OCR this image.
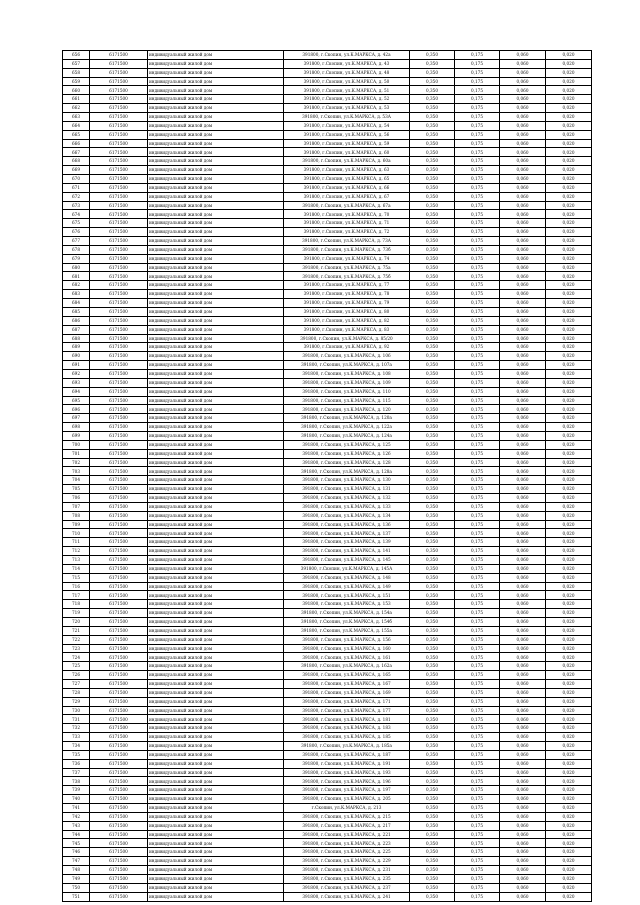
656	6171500	индивидуальный жилой дом	391800, г.Скопин, ул.К.МАРКСА, д. 42а	0,350	0,175	0,060	0,020
657	6171500	индивидуальный жилой дом	391800, г.Скопин, ул.К.МАРКСА, д. 43	0,350	0,175	0,060	0,020
658	6171500	индивидуальный жилой дом	391800, г.Скопин, ул.К.МАРКСА, д. 48	0,350	0,175	0,060	0,020
659	6171500	индивидуальный жилой дом	391800, г.Скопин, ул.К.МАРКСА, д. 50	0,350	0,175	0,060	0,020
660	6171500	индивидуальный жилой дом	391800, г.Скопин, ул.К.МАРКСА, д. 51	0,350	0,175	0,060	0,020
661	6171500	индивидуальный жилой дом	391800, г.Скопин, ул.К.МАРКСА, д. 52	0,350	0,175	0,060	0,020
662	6171500	индивидуальный жилой дом	391800, г.Скопин, ул.К.МАРКСА, д. 53	0,350	0,175	0,060	0,020
663	6171500	индивидуальный жилой дом	391800, г.Скопин, ул.К.МАРКСА, д. 53А	0,350	0,175	0,060	0,020
664	6171500	индивидуальный жилой дом	391800, г.Скопин, ул.К.МАРКСА, д. 54	0,350	0,175	0,060	0,020
665	6171500	индивидуальный жилой дом	391800, г.Скопин, ул.К.МАРКСА, д. 56	0,350	0,175	0,060	0,020
666	6171500	индивидуальный жилой дом	391800, г.Скопин, ул.К.МАРКСА, д. 59	0,350	0,175	0,060	0,020
667	6171500	индивидуальный жилой дом	391800, г.Скопин, ул.К.МАРКСА, д. 60	0,350	0,175	0,060	0,020
668	6171500	индивидуальный жилой дом	391800, г.Скопин, ул.К.МАРКСА, д. 60а	0,350	0,175	0,060	0,020
669	6171500	индивидуальный жилой дом	391800, г.Скопин, ул.К.МАРКСА, д. 63	0,350	0,175	0,060	0,020
670	6171500	индивидуальный жилой дом	391800, г.Скопин, ул.К.МАРКСА, д. 65	0,350	0,175	0,060	0,020
671	6171500	индивидуальный жилой дом	391800, г.Скопин, ул.К.МАРКСА, д. 66	0,350	0,175	0,060	0,020
672	6171500	индивидуальный жилой дом	391800, г.Скопин, ул.К.МАРКСА, д. 67	0,350	0,175	0,060	0,020
673	6171500	индивидуальный жилой дом	391800, г.Скопин, ул.К.МАРКСА, д. 67а	0,350	0,175	0,060	0,020
674	6171500	индивидуальный жилой дом	391800, г.Скопин, ул.К.МАРКСА, д. 70	0,350	0,175	0,060	0,020
675	6171500	индивидуальный жилой дом	391800, г.Скопин, ул.К.МАРКСА, д. 71	0,350	0,175	0,060	0,020
676	6171500	индивидуальный жилой дом	391800, г.Скопин, ул.К.МАРКСА, д. 72	0,350	0,175	0,060	0,020
677	6171500	индивидуальный жилой дом	391800, г.Скопин, ул.К.МАРКСА, д. 73А	0,350	0,175	0,060	0,020
678	6171500	индивидуальный жилой дом	391800, г.Скопин, ул.К.МАРКСА, д. 73б	0,350	0,175	0,060	0,020
679	6171500	индивидуальный жилой дом	391800, г.Скопин, ул.К.МАРКСА, д. 74	0,350	0,175	0,060	0,020
680	6171500	индивидуальный жилой дом	391800, г.Скопин, ул.К.МАРКСА, д. 75а	0,350	0,175	0,060	0,020
681	6171500	индивидуальный жилой дом	391800, г.Скопин, ул.К.МАРКСА, д. 75б	0,350	0,175	0,060	0,020
682	6171500	индивидуальный жилой дом	391800, г.Скопин, ул.К.МАРКСА, д. 77	0,350	0,175	0,060	0,020
683	6171500	индивидуальный жилой дом	391800, г.Скопин, ул.К.МАРКСА, д. 78	0,350	0,175	0,060	0,020
684	6171500	индивидуальный жилой дом	391800, г.Скопин, ул.К.МАРКСА, д. 79	0,350	0,175	0,060	0,020
685	6171500	индивидуальный жилой дом	391800, г.Скопин, ул.К.МАРКСА, д. 80	0,350	0,175	0,060	0,020
686	6171500	индивидуальный жилой дом	391800, г.Скопин, ул.К.МАРКСА, д. 82	0,350	0,175	0,060	0,020
687	6171500	индивидуальный жилой дом	391800, г.Скопин, ул.К.МАРКСА, д. 83	0,350	0,175	0,060	0,020
688	6171500	индивидуальный жилой дом	391800, г.Скопин, ул.К.МАРКСА, д. 85/20	0,350	0,175	0,060	0,020
689	6171500	индивидуальный жилой дом	391800, г.Скопин, ул.К.МАРКСА, д. 92	0,350	0,175	0,060	0,020
690	6171500	индивидуальный жилой дом	391800, г.Скопин, ул.К.МАРКСА, д. 106	0,350	0,175	0,060	0,020
691	6171500	индивидуальный жилой дом	391800, г.Скопин, ул.К.МАРКСА, д. 107а	0,350	0,175	0,060	0,020
692	6171500	индивидуальный жилой дом	391800, г.Скопин, ул.К.МАРКСА, д. 108	0,350	0,175	0,060	0,020
693	6171500	индивидуальный жилой дом	391800, г.Скопин, ул.К.МАРКСА, д. 109	0,350	0,175	0,060	0,020
694	6171500	индивидуальный жилой дом	391800, г.Скопин, ул.К.МАРКСА, д. 110	0,350	0,175	0,060	0,020
695	6171500	индивидуальный жилой дом	391800, г.Скопин, ул.К.МАРКСА, д. 115	0,350	0,175	0,060	0,020
696	6171500	индивидуальный жилой дом	391800, г.Скопин, ул.К.МАРКСА, д. 120	0,350	0,175	0,060	0,020
697	6171500	индивидуальный жилой дом	391800, г.Скопин, ул.К.МАРКСА, д. 120а	0,350	0,175	0,060	0,020
698	6171500	индивидуальный жилой дом	391800, г.Скопин, ул.К.МАРКСА, д. 122а	0,350	0,175	0,060	0,020
699	6171500	индивидуальный жилой дом	391800, г.Скопин, ул.К.МАРКСА, д. 124а	0,350	0,175	0,060	0,020
700	6171500	индивидуальный жилой дом	391800, г.Скопин, ул.К.МАРКСА, д. 125	0,350	0,175	0,060	0,020
701	6171500	индивидуальный жилой дом	391800, г.Скопин, ул.К.МАРКСА, д. 126	0,350	0,175	0,060	0,020
702	6171500	индивидуальный жилой дом	391800, г.Скопин, ул.К.МАРКСА, д. 128	0,350	0,175	0,060	0,020
703	6171500	индивидуальный жилой дом	391800, г.Скопин, ул.К.МАРКСА, д. 128а	0,350	0,175	0,060	0,020
704	6171500	индивидуальный жилой дом	391800, г.Скопин, ул.К.МАРКСА, д. 130	0,350	0,175	0,060	0,020
705	6171500	индивидуальный жилой дом	391800, г.Скопин, ул.К.МАРКСА, д. 131	0,350	0,175	0,060	0,020
706	6171500	индивидуальный жилой дом	391800, г.Скопин, ул.К.МАРКСА, д. 132	0,350	0,175	0,060	0,020
707	6171500	индивидуальный жилой дом	391800, г.Скопин, ул.К.МАРКСА, д. 133	0,350	0,175	0,060	0,020
708	6171500	индивидуальный жилой дом	391800, г.Скопин, ул.К.МАРКСА, д. 134	0,350	0,175	0,060	0,020
709	6171500	индивидуальный жилой дом	391800, г.Скопин, ул.К.МАРКСА, д. 136	0,350	0,175	0,060	0,020
710	6171500	индивидуальный жилой дом	391800, г.Скопин, ул.К.МАРКСА, д. 137	0,350	0,175	0,060	0,020
711	6171500	индивидуальный жилой дом	391800, г.Скопин, ул.К.МАРКСА, д. 139	0,350	0,175	0,060	0,020
712	6171500	индивидуальный жилой дом	391800, г.Скопин, ул.К.МАРКСА, д. 141	0,350	0,175	0,060	0,020
713	6171500	индивидуальный жилой дом	391800, г.Скопин, ул.К.МАРКСА, д. 145	0,350	0,175	0,060	0,020
714	6171500	индивидуальный жилой дом	391800, г.Скопин, ул.К.МАРКСА, д. 145А	0,350	0,175	0,060	0,020
715	6171500	индивидуальный жилой дом	391800, г.Скопин, ул.К.МАРКСА, д. 148	0,350	0,175	0,060	0,020
716	6171500	индивидуальный жилой дом	391800, г.Скопин, ул.К.МАРКСА, д. 149	0,350	0,175	0,060	0,020
717	6171500	индивидуальный жилой дом	391800, г.Скопин, ул.К.МАРКСА, д. 151	0,350	0,175	0,060	0,020
718	6171500	индивидуальный жилой дом	391800, г.Скопин, ул.К.МАРКСА, д. 153	0,350	0,175	0,060	0,020
719	6171500	индивидуальный жилой дом	391800, г.Скопин, ул.К.МАРКСА, д. 154а	0,350	0,175	0,060	0,020
720	6171500	индивидуальный жилой дом	391800, г.Скопин, ул.К.МАРКСА, д. 154б	0,350	0,175	0,060	0,020
721	6171500	индивидуальный жилой дом	391800, г.Скопин, ул.К.МАРКСА, д. 155а	0,350	0,175	0,060	0,020
722	6171500	индивидуальный жилой дом	391800, г.Скопин, ул.К.МАРКСА, д. 156	0,350	0,175	0,060	0,020
723	6171500	индивидуальный жилой дом	391800, г.Скопин, ул.К.МАРКСА, д. 160	0,350	0,175	0,060	0,020
724	6171500	индивидуальный жилой дом	391800, г.Скопин, ул.К.МАРКСА, д. 161	0,350	0,175	0,060	0,020
725	6171500	индивидуальный жилой дом	391800, г.Скопин, ул.К.МАРКСА, д. 162а	0,350	0,175	0,060	0,020
726	6171500	индивидуальный жилой дом	391800, г.Скопин, ул.К.МАРКСА, д. 165	0,350	0,175	0,060	0,020
727	6171500	индивидуальный жилой дом	391800, г.Скопин, ул.К.МАРКСА, д. 167	0,350	0,175	0,060	0,020
728	6171500	индивидуальный жилой дом	391800, г.Скопин, ул.К.МАРКСА, д. 169	0,350	0,175	0,060	0,020
729	6171500	индивидуальный жилой дом	391800, г.Скопин, ул.К.МАРКСА, д. 171	0,350	0,175	0,060	0,020
730	6171500	индивидуальный жилой дом	391800, г.Скопин, ул.К.МАРКСА, д. 177	0,350	0,175	0,060	0,020
731	6171500	индивидуальный жилой дом	391800, г.Скопин, ул.К.МАРКСА, д. 181	0,350	0,175	0,060	0,020
732	6171500	индивидуальный жилой дом	391800, г.Скопин, ул.К.МАРКСА, д. 183	0,350	0,175	0,060	0,020
733	6171500	индивидуальный жилой дом	391800, г.Скопин, ул.К.МАРКСА, д. 185	0,350	0,175	0,060	0,020
734	6171500	индивидуальный жилой дом	391800, г.Скопин, ул.К.МАРКСА, д. 185а	0,350	0,175	0,060	0,020
735	6171500	индивидуальный жилой дом	391800, г.Скопин, ул.К.МАРКСА, д. 187	0,350	0,175	0,060	0,020
736	6171500	индивидуальный жилой дом	391800, г.Скопин, ул.К.МАРКСА, д. 191	0,350	0,175	0,060	0,020
737	6171500	индивидуальный жилой дом	391800, г.Скопин, ул.К.МАРКСА, д. 193	0,350	0,175	0,060	0,020
738	6171500	индивидуальный жилой дом	391800, г.Скопин, ул.К.МАРКСА, д. 196	0,350	0,175	0,060	0,020
739	6171500	индивидуальный жилой дом	391800, г.Скопин, ул.К.МАРКСА, д. 197	0,350	0,175	0,060	0,020
740	6171500	индивидуальный жилой дом	391800, г.Скопин, ул.К.МАРКСА, д. 205	0,350	0,175	0,060	0,020
741	6171500	индивидуальный жилой дом	г.Скопин, ул.К.МАРКСА, д. 213	0,350	0,175	0,060	0,020
742	6171500	индивидуальный жилой дом	391800, г.Скопин, ул.К.МАРКСА, д. 215	0,350	0,175	0,060	0,020
743	6171500	индивидуальный жилой дом	391800, г.Скопин, ул.К.МАРКСА, д. 217	0,350	0,175	0,060	0,020
744	6171500	индивидуальный жилой дом	391800, г.Скопин, ул.К.МАРКСА, д. 221	0,350	0,175	0,060	0,020
745	6171500	индивидуальный жилой дом	391800, г.Скопин, ул.К.МАРКСА, д. 223	0,350	0,175	0,060	0,020
746	6171500	индивидуальный жилой дом	391800, г.Скопин, ул.К.МАРКСА, д. 225	0,350	0,175	0,060	0,020
747	6171500	индивидуальный жилой дом	391800, г.Скопин, ул.К.МАРКСА, д. 229	0,350	0,175	0,060	0,020
748	6171500	индивидуальный жилой дом	391800, г.Скопин, ул.К.МАРКСА, д. 231	0,350	0,175	0,060	0,020
749	6171500	индивидуальный жилой дом	391800, г.Скопин, ул.К.МАРКСА, д. 235	0,350	0,175	0,060	0,020
750	6171500	индивидуальный жилой дом	391800, г.Скопин, ул.К.МАРКСА, д. 237	0,350	0,175	0,060	0,020
751	6171500	индивидуальный жилой дом	391800, г.Скопин, ул.К.МАРКСА, д. 241	0,350	0,175	0,060	0,020
